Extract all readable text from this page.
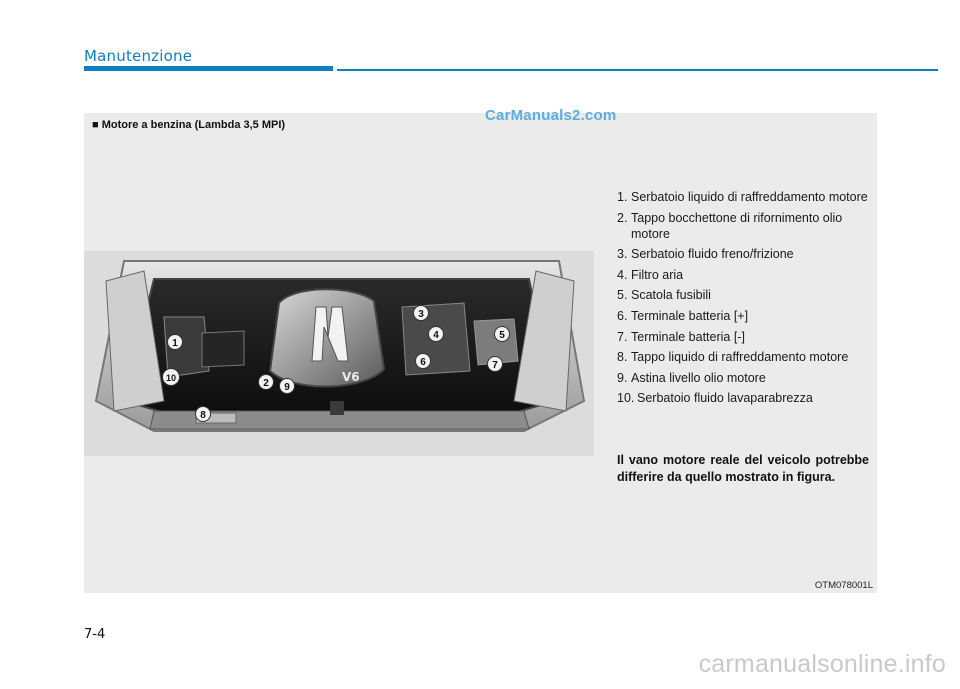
Manutenzione
■ Motore a benzina (Lambda 3,5 MPI)
CarManuals2.com
V6
1
2
3
4	5
6	7
8
9
10
1. Serbatoio liquido di raffreddamento motore
2. Tappo bocchettone di rifornimento olio motore
3. Serbatoio fluido freno/frizione
4. Filtro aria
5. Scatola fusibili
6. Terminale batteria [+]
7. Terminale batteria [-]
8. Tappo liquido di raffreddamento motore
9. Astina livello olio motore
10. Serbatoio fluido lavaparabrezza
Il vano motore reale del veicolo potrebbe differire da quello mostrato in figura.
OTM078001L
7-4
carmanualsonline.info
